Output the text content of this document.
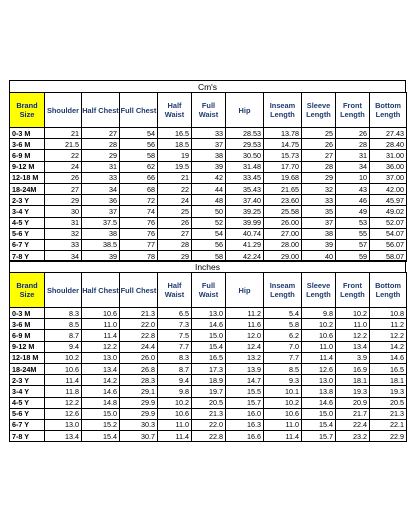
Cm's
Brand Size	Shoulder	Half Chest	Full Chest	Half Waist	Full Waist	Hip	Inseam Length	Sleeve Length	Front Length	Bottom Length
0-3 M	21	27	54	16.5	33	28.53	13.78	25	26	27.43
3-6 M	21.5	28	56	18.5	37	29.53	14.75	26	28	28.40
6-9 M	22	29	58	19	38	30.50	15.73	27	31	31.00
9-12 M	24	31	62	19.5	39	31.48	17.70	28	34	36.00
12-18 M	26	33	66	21	42	33.45	19.68	29	10	37.00
18-24M	27	34	68	22	44	35.43	21.65	32	43	42.00
2-3 Y	29	36	72	24	48	37.40	23.60	33	46	45.97
3-4 Y	30	37	74	25	50	39.25	25.58	35	49	49.02
4-5 Y	31	37.5	76	26	52	39.99	26.00	37	53	52.07
5-6 Y	32	38	76	27	54	40.74	27.00	38	55	54.07
6-7 Y	33	38.5	77	28	56	41.29	28.00	39	57	56.07
7-8 Y	34	39	78	29	58	42.24	29.00	40	59	58.07
Inches
Brand Size	Shoulder	Half Chest	Full Chest	Half Waist	Full Waist	Hip	Inseam Length	Sleeve Length	Front Length	Bottom Length
0-3 M	8.3	10.6	21.3	6.5	13.0	11.2	5.4	9.8	10.2	10.8
3-6 M	8.5	11.0	22.0	7.3	14.6	11.6	5.8	10.2	11.0	11.2
6-9 M	8.7	11.4	22.8	7.5	15.0	12.0	6.2	10.6	12.2	12.2
9-12 M	9.4	12.2	24.4	7.7	15.4	12.4	7.0	11.0	13.4	14.2
12-18 M	10.2	13.0	26.0	8.3	16.5	13.2	7.7	11.4	3.9	14.6
18-24M	10.6	13.4	26.8	8.7	17.3	13.9	8.5	12.6	16.9	16.5
2-3 Y	11.4	14.2	28.3	9.4	18.9	14.7	9.3	13.0	18.1	18.1
3-4 Y	11.8	14.6	29.1	9.8	19.7	15.5	10.1	13.8	19.3	19.3
4-5 Y	12.2	14.8	29.9	10.2	20.5	15.7	10.2	14.6	20.9	20.5
5-6 Y	12.6	15.0	29.9	10.6	21.3	16.0	10.6	15.0	21.7	21.3
6-7 Y	13.0	15.2	30.3	11.0	22.0	16.3	11.0	15.4	22.4	22.1
7-8 Y	13.4	15.4	30.7	11.4	22.8	16.6	11.4	15.7	23.2	22.9
